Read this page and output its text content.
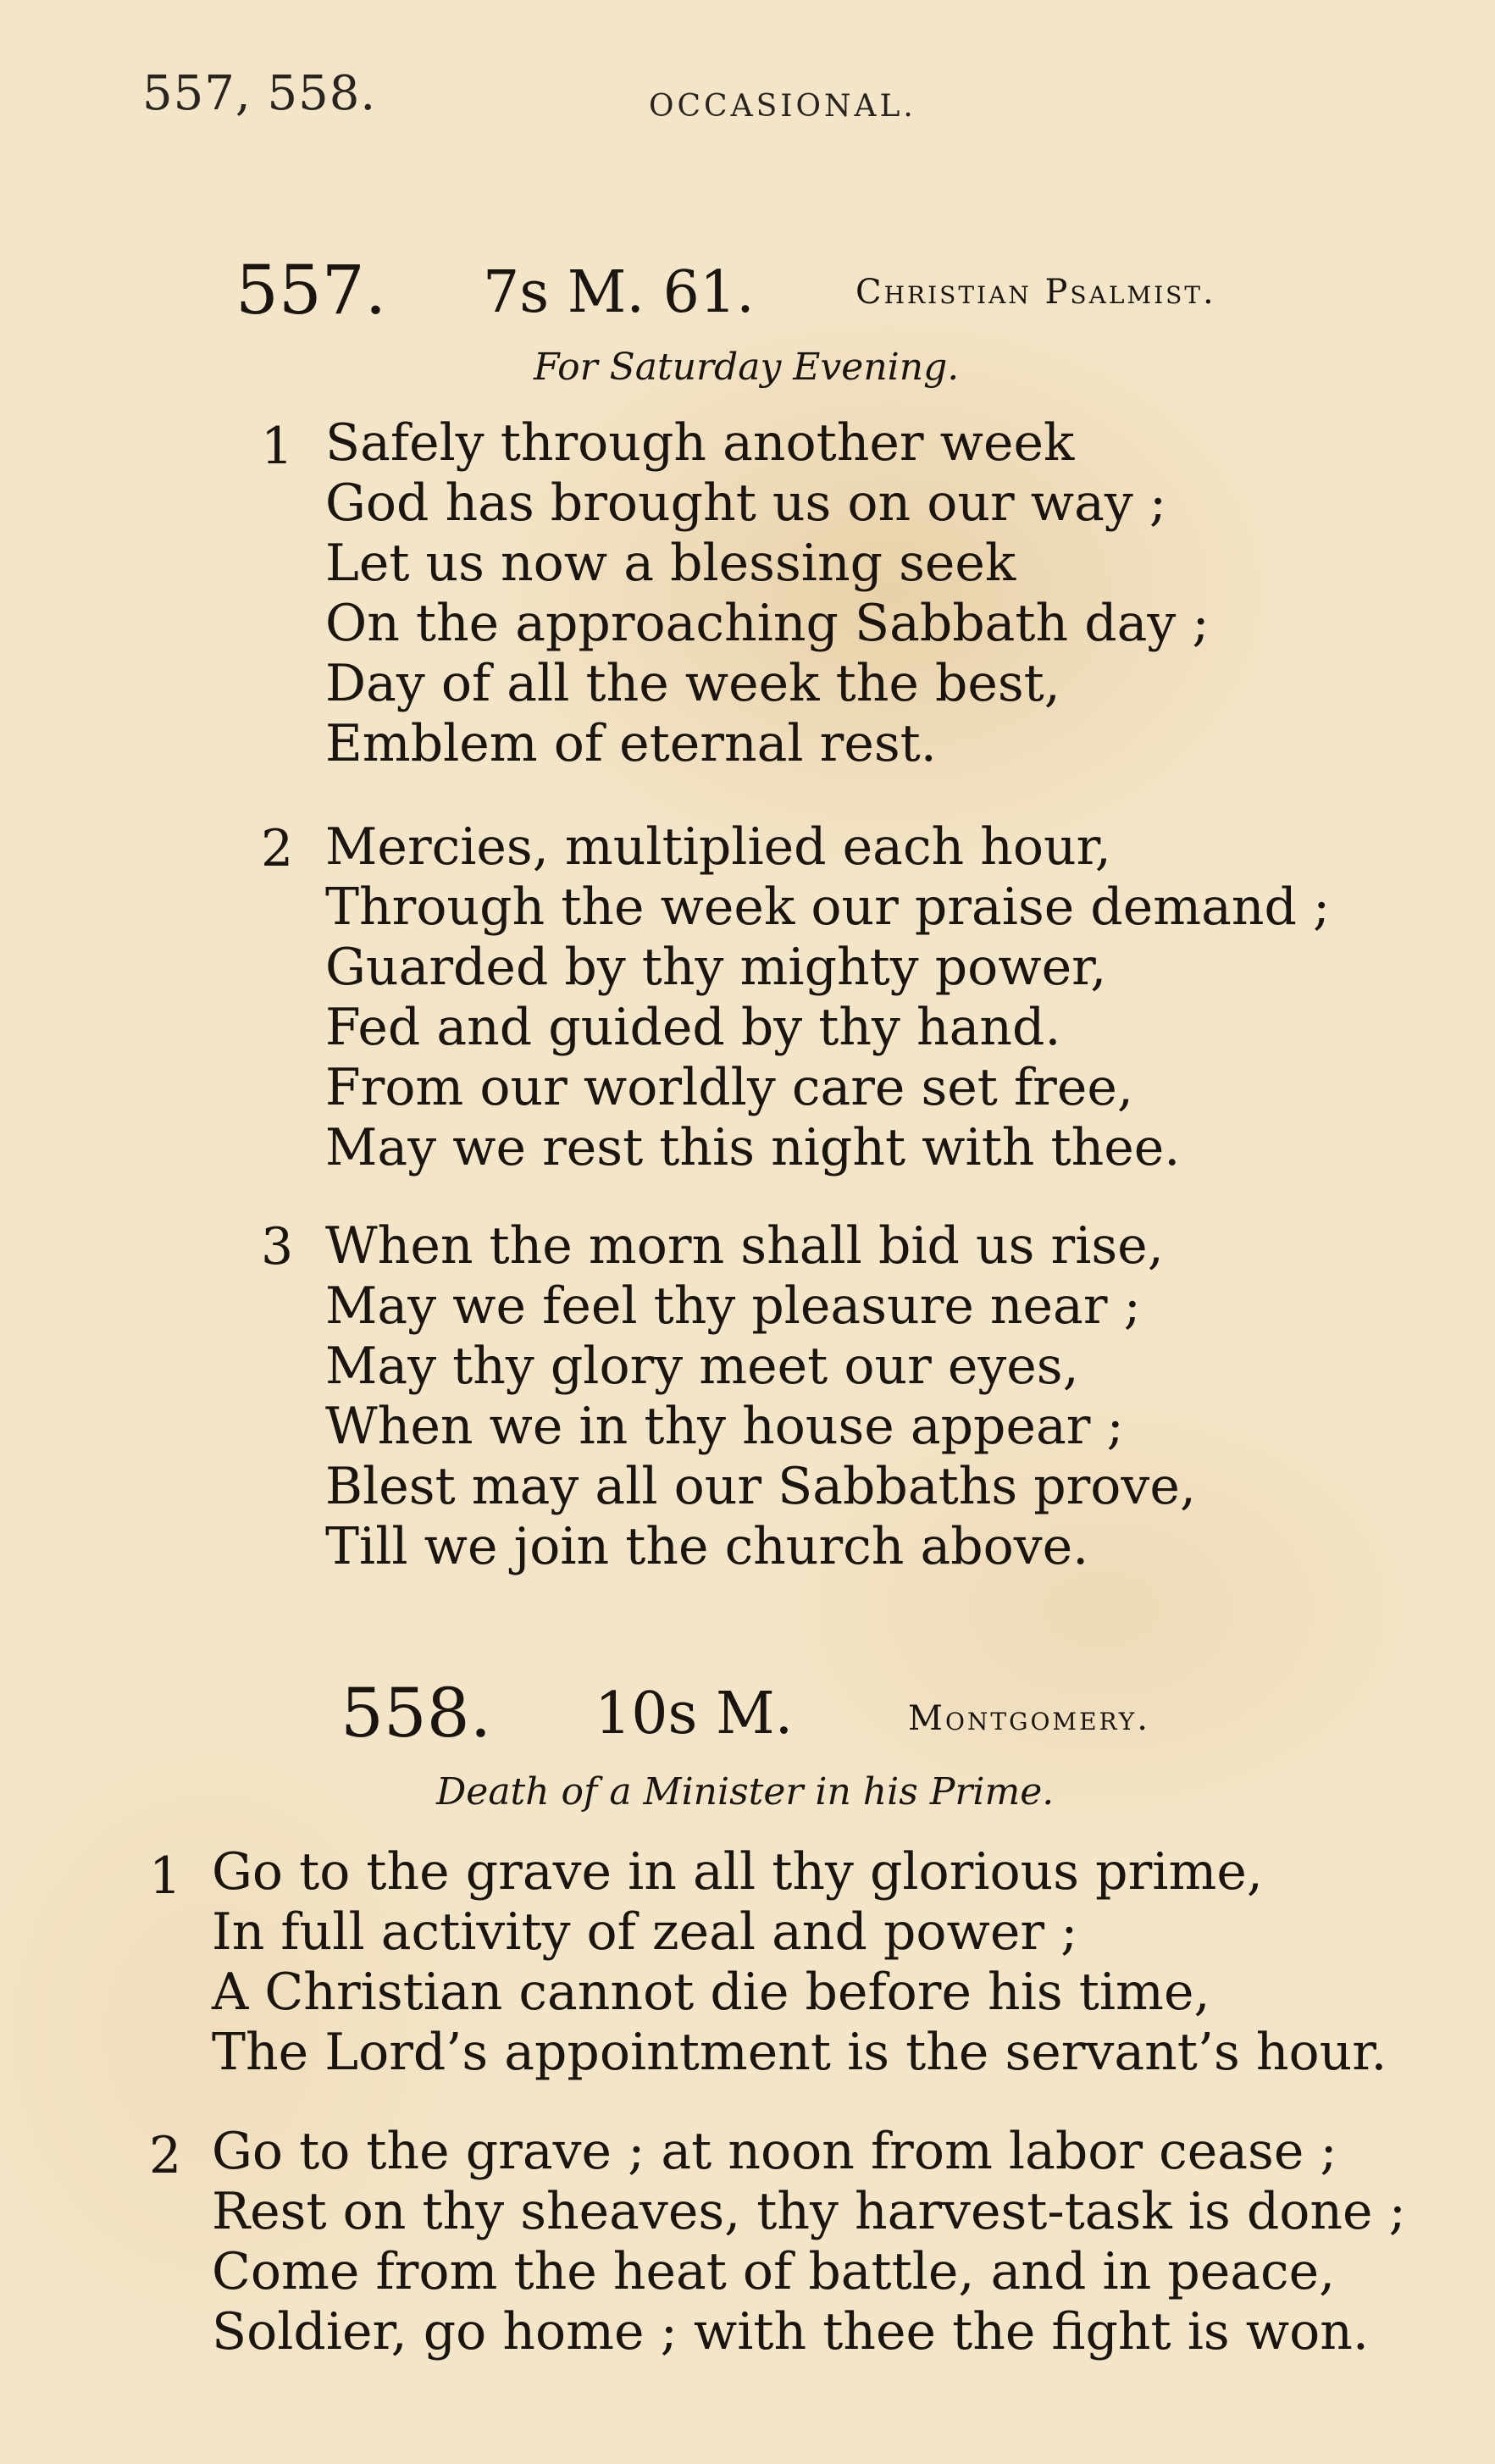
557, 558.	OCCASIONAL.
557. 7s M. 61.	Christian Psalmist.
For Saturday Evening.
1 Safely through another week
God has brought us on our way ;
Let us now a blessing seek
On the approaching Sabbath day ;
Day of all the week the best,
Emblem of eternal rest.
2 Mercies, multiplied each hour,
Through the week our praise demand ;
Guarded by thy mighty power,
Fed and guided by thy hand.
From our worldly care set free,
May we rest this night with thee.
3 When the morn shall bid us rise,
May we feel thy pleasure near ;
May thy glory meet our eyes,
When we in thy house appear ;
Blest may all our Sabbaths prove,
Till we join the church above.
558. 10s M.	Montgomery.
Death of a Minister in his Prime.
1 Go to the grave in all thy glorious prime,
In full activity of zeal and power ;
A Christian cannot die before his time,
The Lord’s appointment is the servant’s hour.
2 Go to the grave ; at noon from labor cease ;
Rest on thy sheaves, thy harvest-task is done ;
Come from the heat of battle, and in peace,
Soldier, go home ; with thee the fight is won.
